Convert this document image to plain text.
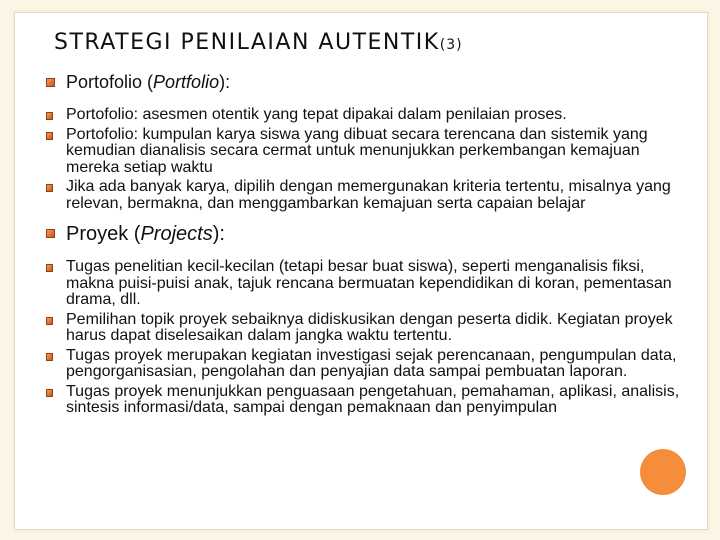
STRATEGI PENILAIAN AUTENTIK(3)
Portofolio (Portfolio):
Portofolio: asesmen otentik yang tepat dipakai dalam penilaian proses.
Portofolio: kumpulan karya siswa yang dibuat secara terencana dan sistemik yang kemudian dianalisis secara cermat untuk menunjukkan perkembangan kemajuan mereka setiap waktu
Jika ada banyak karya, dipilih dengan memergunakan kriteria tertentu, misalnya yang relevan, bermakna, dan menggambarkan kemajuan serta capaian belajar
Proyek (Projects):
Tugas penelitian kecil-kecilan (tetapi besar buat siswa), seperti menganalisis fiksi, makna puisi-puisi anak, tajuk rencana bermuatan kependidikan di koran, pementasan drama, dll.
Pemilihan topik proyek sebaiknya didiskusikan dengan peserta didik. Kegiatan proyek harus dapat diselesaikan dalam jangka waktu tertentu.
Tugas proyek merupakan kegiatan investigasi sejak perencanaan, pengumpulan data, pengorganisasian, pengolahan dan penyajian data sampai pembuatan laporan.
Tugas proyek menunjukkan penguasaan pengetahuan, pemahaman, aplikasi, analisis, sintesis informasi/data, sampai dengan pemaknaan dan penyimpulan
